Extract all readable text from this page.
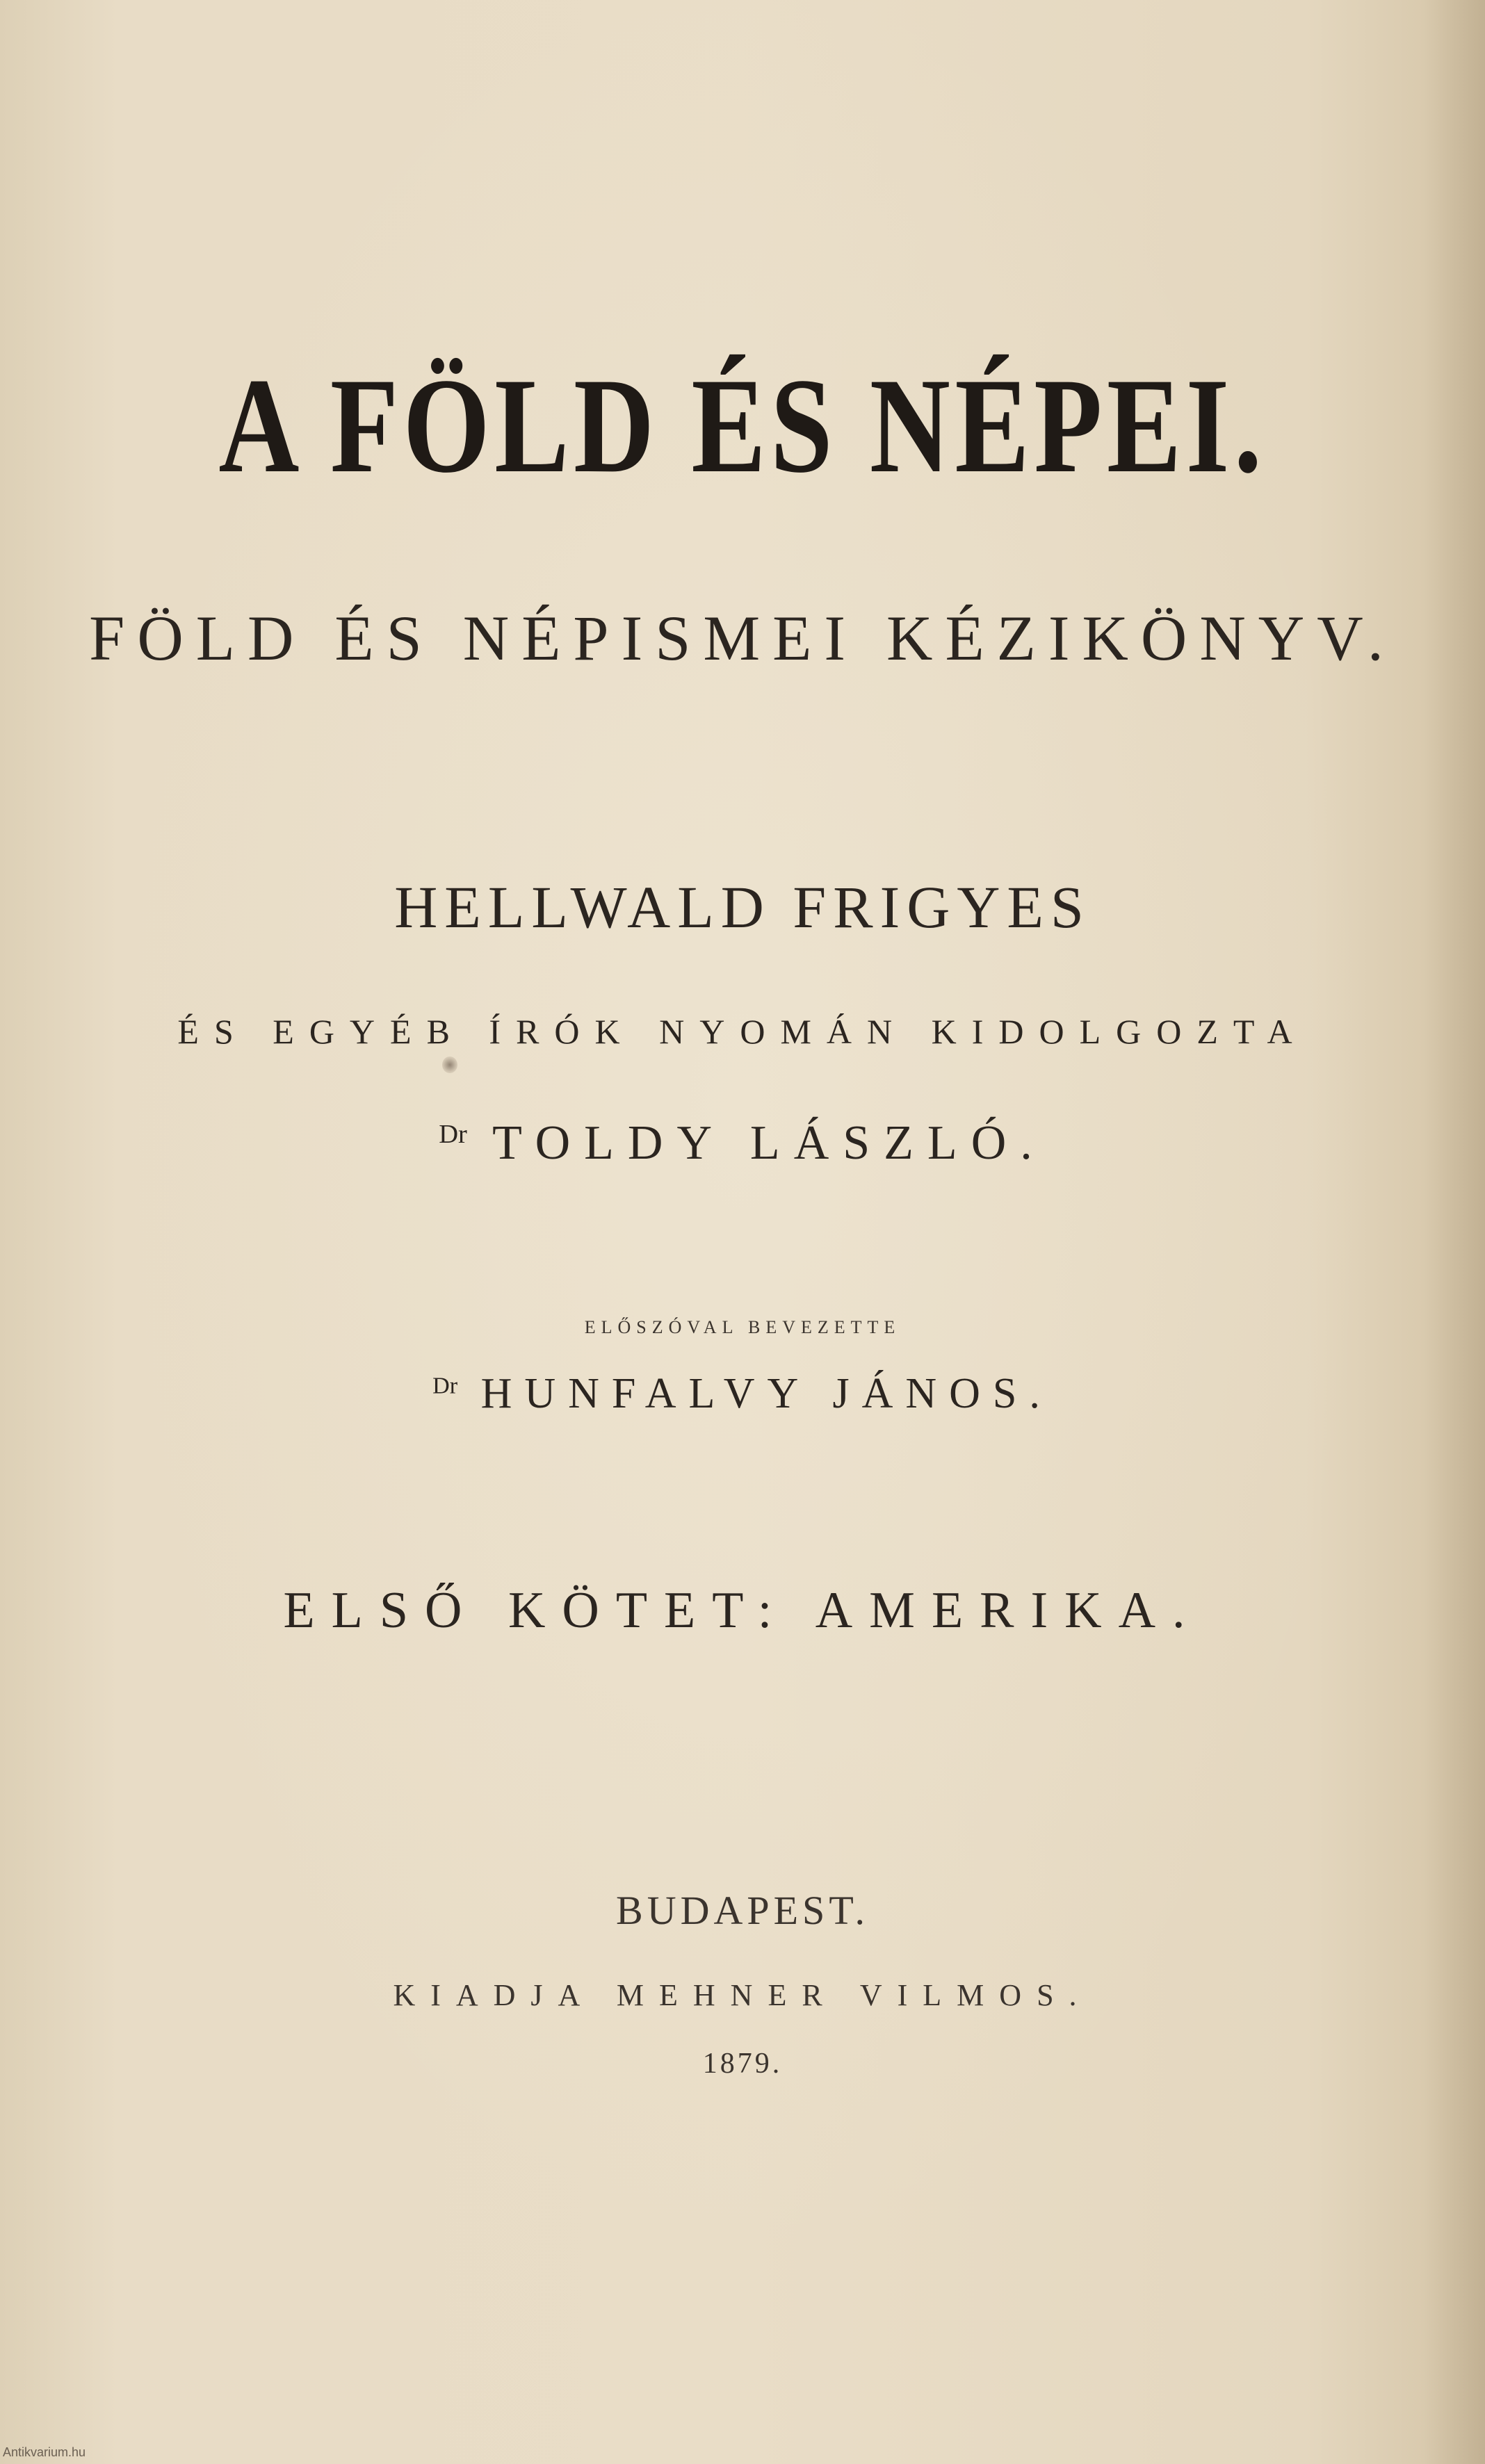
A FÖLD ÉS NÉPEI.
FÖLD ÉS NÉPISMEI KÉZIKÖNYV.
HELLWALD FRIGYES
ÉS EGYÉB ÍRÓK NYOMÁN KIDOLGOZTA
$^{Dr}$ TOLDY LÁSZLÓ.
ELŐSZÓVAL BEVEZETTE
$^{Dr}$ HUNFALVY JÁNOS.
ELSŐ KÖTET: AMERIKA.
BUDAPEST.
KIADJA MEHNER VILMOS.
1879.
Antikvarium.hu
